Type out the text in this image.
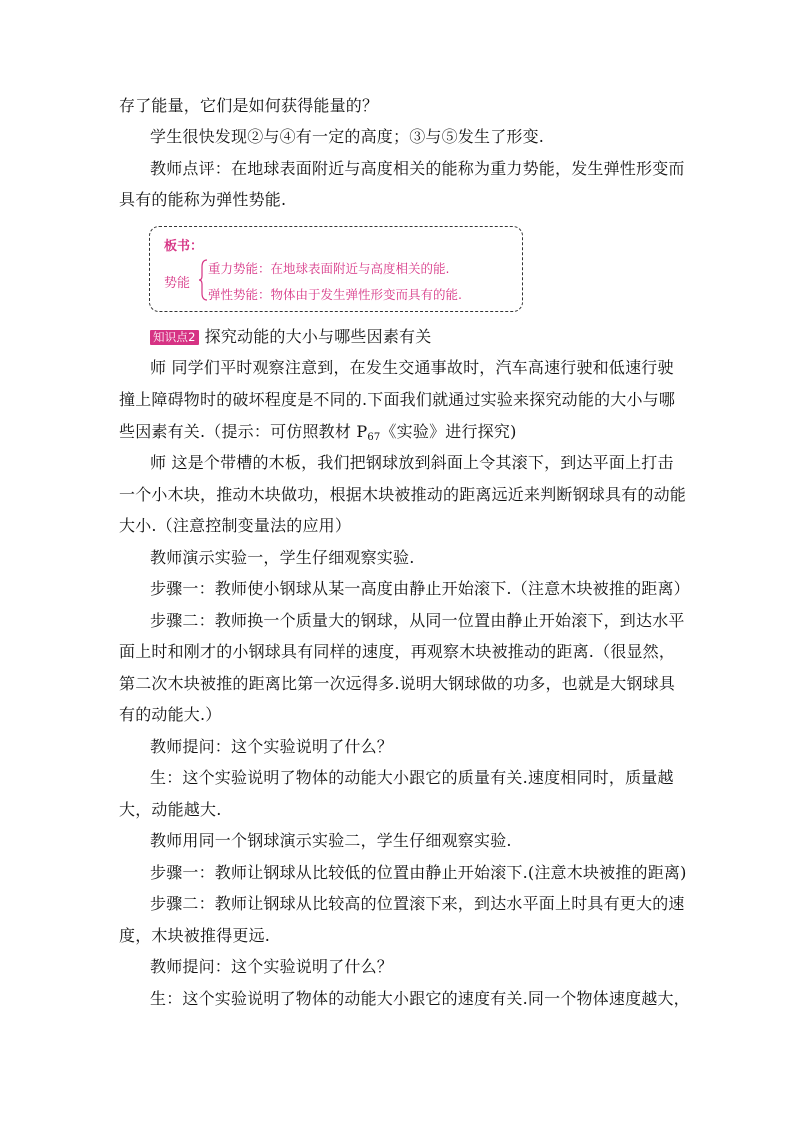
存了能量，它们是如何获得能量的？
学生很快发现②与④有一定的高度；③与⑤发生了形变.
教师点评：在地球表面附近与高度相关的能称为重力势能，发生弹性形变而
具有的能称为弹性势能.
板书：
势能
重力势能：在地球表面附近与高度相关的能.
弹性势能：物体由于发生弹性形变而具有的能.
知识点2 探究动能的大小与哪些因素有关
师 同学们平时观察注意到，在发生交通事故时，汽车高速行驶和低速行驶
撞上障碍物时的破坏程度是不同的.下面我们就通过实验来探究动能的大小与哪
些因素有关.（提示：可仿照教材 $P_{67}$《实验》进行探究)
师 这是个带槽的木板，我们把钢球放到斜面上令其滚下，到达平面上打击
一个小木块，推动木块做功，根据木块被推动的距离远近来判断钢球具有的动能
大小.（注意控制变量法的应用）
教师演示实验一，学生仔细观察实验.
步骤一：教师使小钢球从某一高度由静止开始滚下.（注意木块被推的距离）
步骤二：教师换一个质量大的钢球，从同一位置由静止开始滚下，到达水平
面上时和刚才的小钢球具有同样的速度，再观察木块被推动的距离.（很显然，
第二次木块被推的距离比第一次远得多.说明大钢球做的功多，也就是大钢球具
有的动能大.）
教师提问：这个实验说明了什么？
生：这个实验说明了物体的动能大小跟它的质量有关.速度相同时，质量越
大，动能越大.
教师用同一个钢球演示实验二，学生仔细观察实验.
步骤一：教师让钢球从比较低的位置由静止开始滚下.(注意木块被推的距离)
步骤二：教师让钢球从比较高的位置滚下来，到达水平面上时具有更大的速
度，木块被推得更远.
教师提问：这个实验说明了什么？
生：这个实验说明了物体的动能大小跟它的速度有关.同一个物体速度越大，
